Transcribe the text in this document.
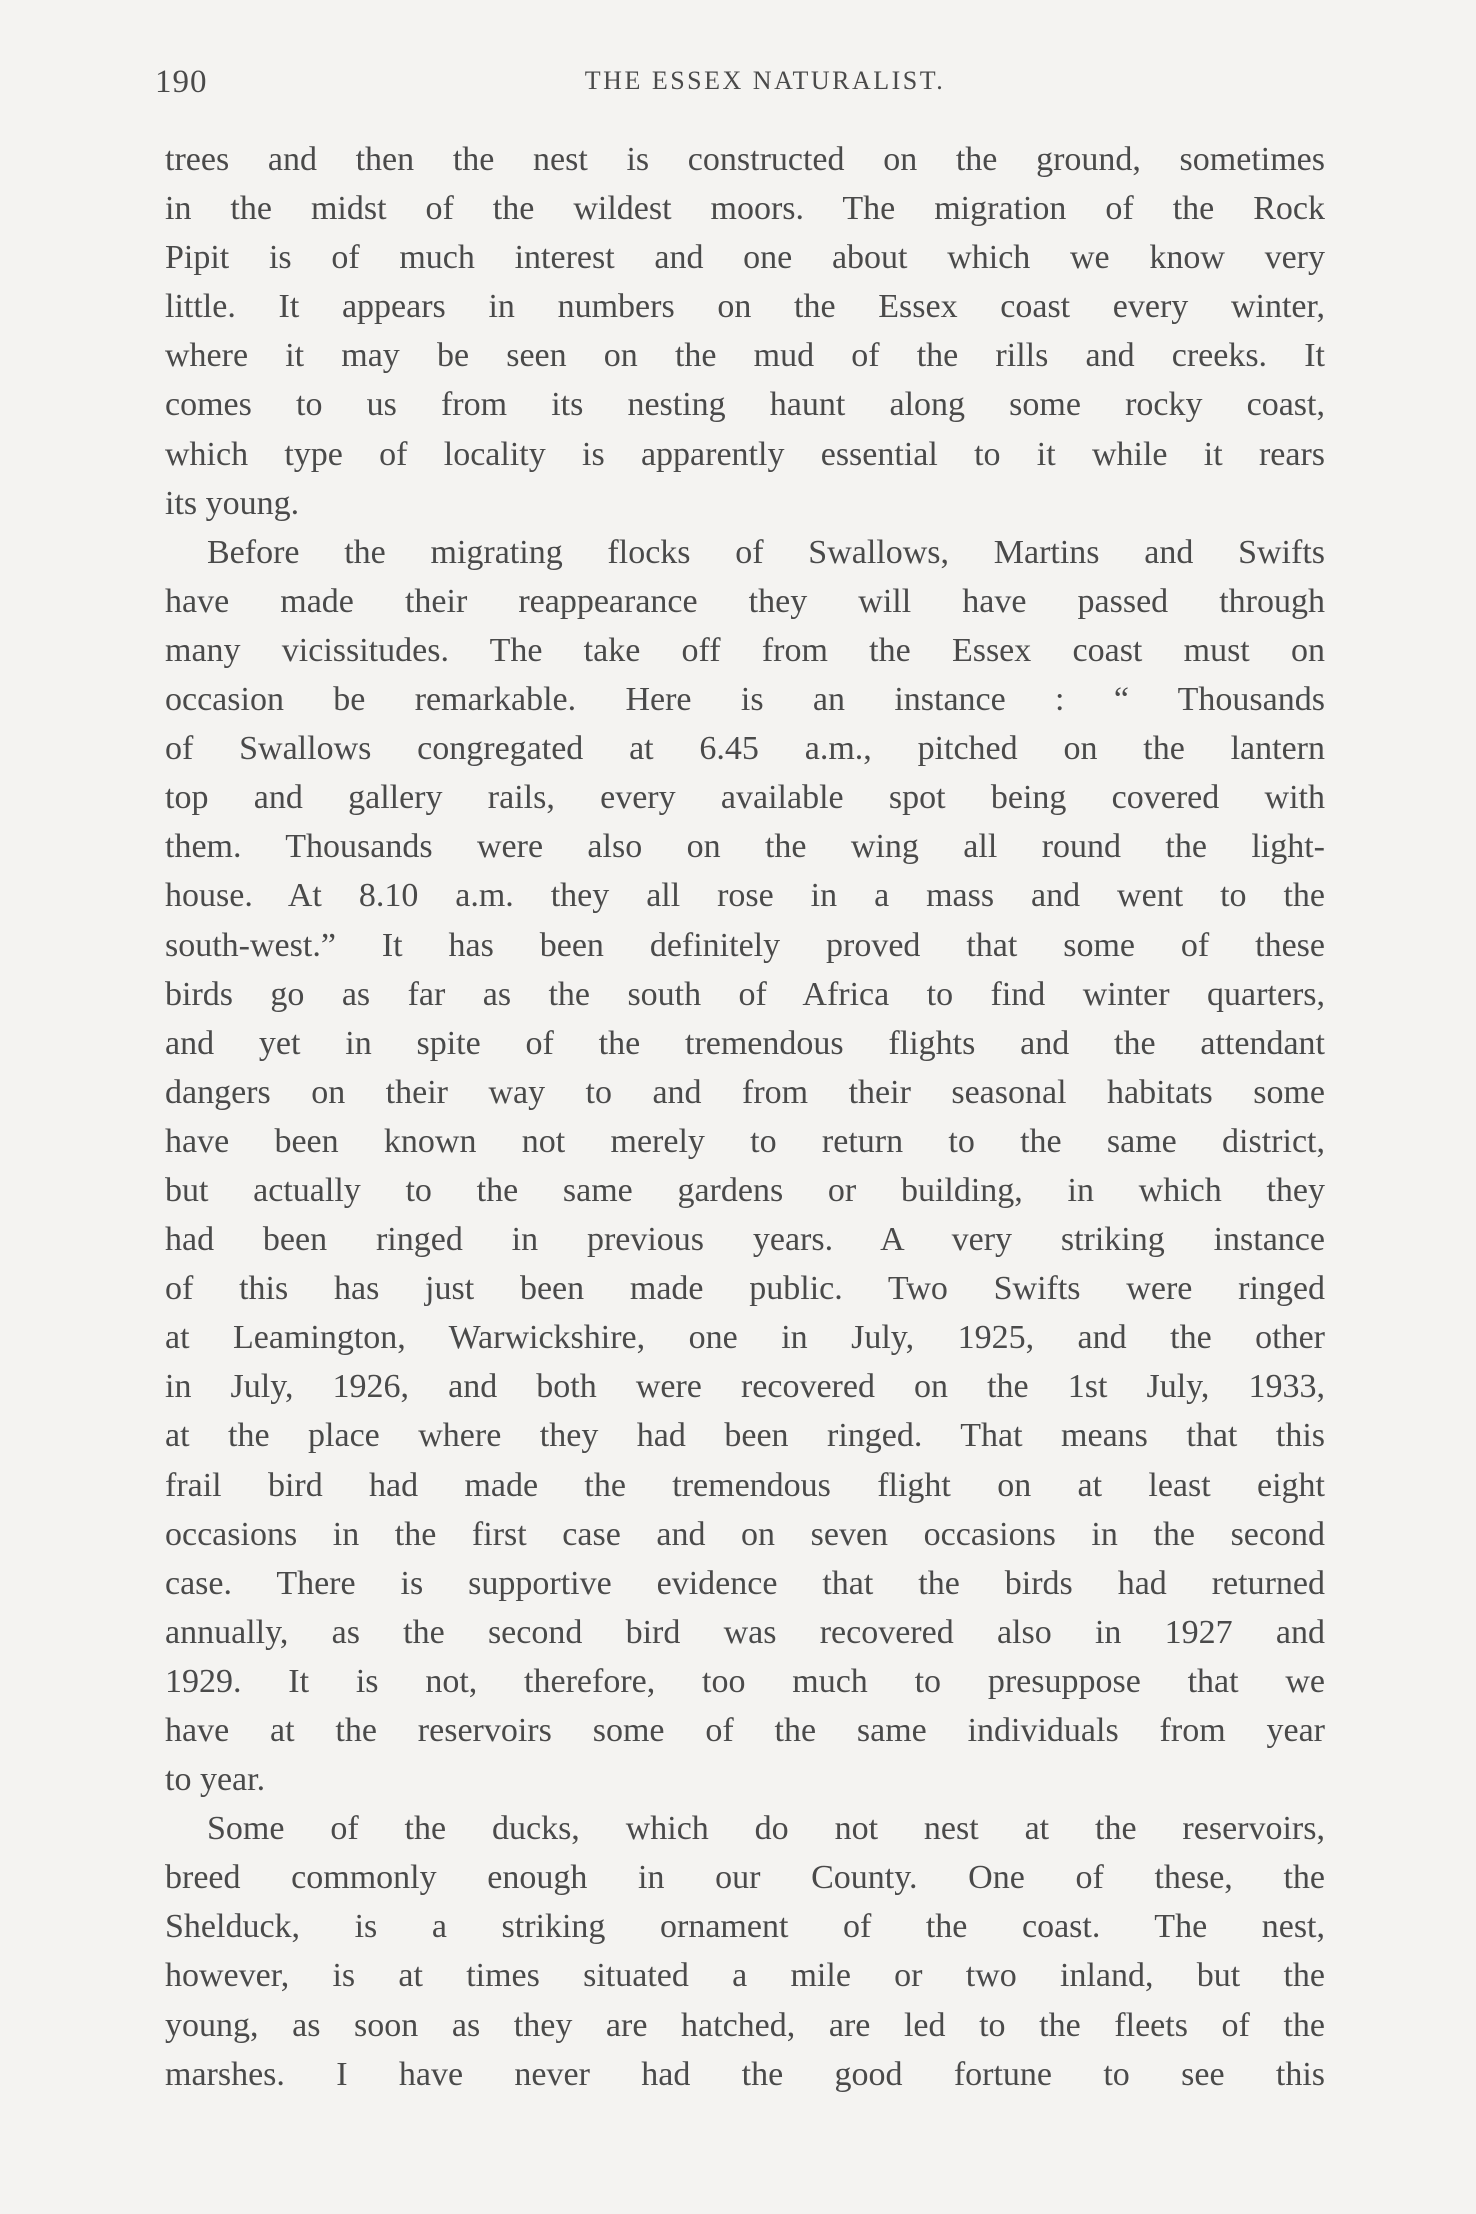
190	THE ESSEX NATURALIST.
trees and then the nest is constructed on the ground, sometimes
in the midst of the wildest moors. The migration of the Rock
Pipit is of much interest and one about which we know very
little. It appears in numbers on the Essex coast every winter,
where it may be seen on the mud of the rills and creeks. It
comes to us from its nesting haunt along some rocky coast,
which type of locality is apparently essential to it while it rears
its young.
Before the migrating flocks of Swallows, Martins and Swifts
have made their reappearance they will have passed through
many vicissitudes. The take off from the Essex coast must on
occasion be remarkable. Here is an instance : “ Thousands
of Swallows congregated at 6.45 a.m., pitched on the lantern
top and gallery rails, every available spot being covered with
them. Thousands were also on the wing all round the light-
house. At 8.10 a.m. they all rose in a mass and went to the
south-west.” It has been definitely proved that some of these
birds go as far as the south of Africa to find winter quarters,
and yet in spite of the tremendous flights and the attendant
dangers on their way to and from their seasonal habitats some
have been known not merely to return to the same district,
but actually to the same gardens or building, in which they
had been ringed in previous years. A very striking instance
of this has just been made public. Two Swifts were ringed
at Leamington, Warwickshire, one in July, 1925, and the other
in July, 1926, and both were recovered on the 1st July, 1933,
at the place where they had been ringed. That means that this
frail bird had made the tremendous flight on at least eight
occasions in the first case and on seven occasions in the second
case. There is supportive evidence that the birds had returned
annually, as the second bird was recovered also in 1927 and
1929. It is not, therefore, too much to presuppose that we
have at the reservoirs some of the same individuals from year
to year.
Some of the ducks, which do not nest at the reservoirs,
breed commonly enough in our County. One of these, the
Shelduck, is a striking ornament of the coast. The nest,
however, is at times situated a mile or two inland, but the
young, as soon as they are hatched, are led to the fleets of the
marshes. I have never had the good fortune to see this
